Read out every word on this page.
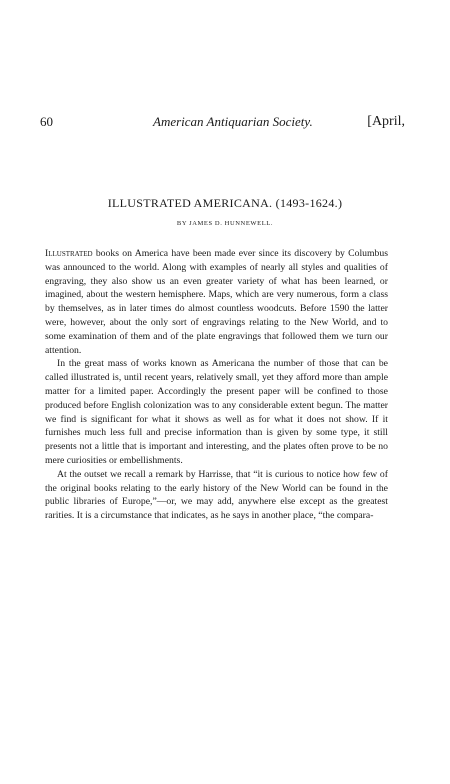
60	American Antiquarian Society.	[April,
ILLUSTRATED AMERICANA. (1493-1624.)
BY JAMES D. HUNNEWELL.

Illustrated books on America have been made ever since its discovery by Columbus was announced to the world. Along with examples of nearly all styles and qualities of engraving, they also show us an even greater variety of what has been learned, or imagined, about the western hemisphere. Maps, which are very numerous, form a class by themselves, as in later times do almost countless woodcuts. Before 1590 the latter were, however, about the only sort of engravings relating to the New World, and to some examination of them and of the plate engravings that followed them we turn our attention.

In the great mass of works known as Americana the number of those that can be called illustrated is, until recent years, relatively small, yet they afford more than ample matter for a limited paper. Accordingly the present paper will be confined to those produced before English colonization was to any considerable extent begun. The matter we find is significant for what it shows as well as for what it does not show. If it furnishes much less full and precise information than is given by some type, it still presents not a little that is important and interesting, and the plates often prove to be no mere curiosities or embellishments.

At the outset we recall a remark by Harrisse, that “it is curious to notice how few of the original books relating to the early history of the New World can be found in the public libraries of Europe,”—or, we may add, anywhere else except as the greatest rarities. It is a circumstance that indicates, as he says in another place, “the compara-
